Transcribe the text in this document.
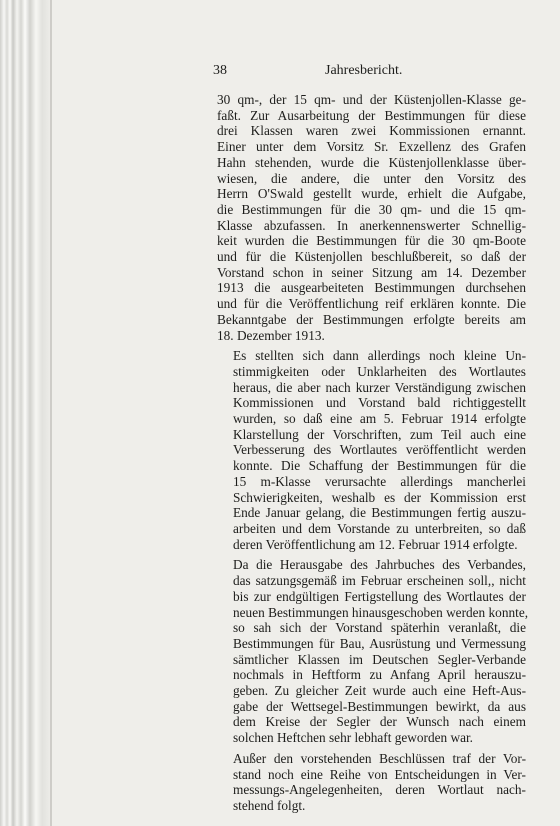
38	Jahresbericht.
30 qm-, der 15 qm- und der Küstenjollen-Klasse ge-
faßt. Zur Ausarbeitung der Bestimmungen für diese
drei Klassen waren zwei Kommissionen ernannt.
Einer unter dem Vorsitz Sr. Exzellenz des Grafen
Hahn stehenden, wurde die Küstenjollenklasse über-
wiesen, die andere, die unter den Vorsitz des
Herrn O'Swald gestellt wurde, erhielt die Aufgabe,
die Bestimmungen für die 30 qm- und die 15 qm-
Klasse abzufassen. In anerkennenswerter Schnellig-
keit wurden die Bestimmungen für die 30 qm-Boote
und für die Küstenjollen beschlußbereit, so daß der
Vorstand schon in seiner Sitzung am 14. Dezember
1913 die ausgearbeiteten Bestimmungen durchsehen
und für die Veröffentlichung reif erklären konnte. Die
Bekanntgabe der Bestimmungen erfolgte bereits am
18. Dezember 1913.
Es stellten sich dann allerdings noch kleine Un-
stimmigkeiten oder Unklarheiten des Wortlautes
heraus, die aber nach kurzer Verständigung zwischen
Kommissionen und Vorstand bald richtiggestellt
wurden, so daß eine am 5. Februar 1914 erfolgte
Klarstellung der Vorschriften, zum Teil auch eine
Verbesserung des Wortlautes veröffentlicht werden
konnte. Die Schaffung der Bestimmungen für die
15 m-Klasse verursachte allerdings mancherlei
Schwierigkeiten, weshalb es der Kommission erst
Ende Januar gelang, die Bestimmungen fertig auszu-
arbeiten und dem Vorstande zu unterbreiten, so daß
deren Veröffentlichung am 12. Februar 1914 erfolgte.
Da die Herausgabe des Jahrbuches des Verbandes,
das satzungsgemäß im Februar erscheinen soll,, nicht
bis zur endgültigen Fertigstellung des Wortlautes der
neuen Bestimmungen hinausgeschoben werden konnte,
so sah sich der Vorstand späterhin veranlaßt, die
Bestimmungen für Bau, Ausrüstung und Vermessung
sämtlicher Klassen im Deutschen Segler-Verbande
nochmals in Heftform zu Anfang April herauszu-
geben. Zu gleicher Zeit wurde auch eine Heft-Aus-
gabe der Wettsegel-Bestimmungen bewirkt, da aus
dem Kreise der Segler der Wunsch nach einem
solchen Heftchen sehr lebhaft geworden war.
Außer den vorstehenden Beschlüssen traf der Vor-
stand noch eine Reihe von Entscheidungen in Ver-
messungs-Angelegenheiten, deren Wortlaut nach-
stehend folgt.
